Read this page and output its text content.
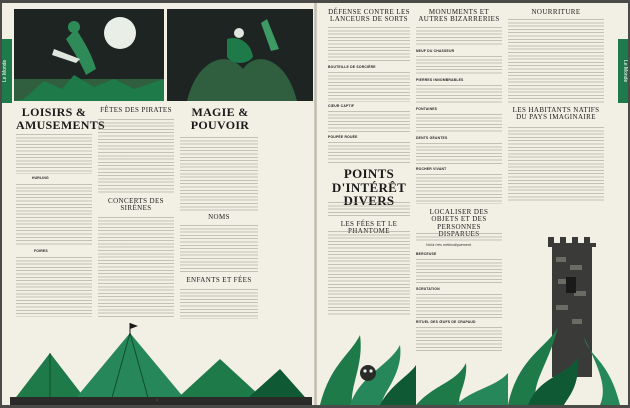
Le Monde
LOISIRS & AMUSEMENTS
HURLING
FOIRES
FÊTES DES PIRATES
CONCERTS DES SIRÈNES
MAGIE & POUVOIR
NOMS
ENFANTS ET FÉES
6
Le Monde
DÉFENSE CONTRE LES LANCEURS DE SORTS
BOUTEILLE DE SORCIÈRE
CŒUR CAPTIF
POUPÉE ROUÉE
POINTS D'INTÉRÊT DIVERS
LES FÉES ET LE PHANTOME
MONUMENTS ET AUTRES BIZARRERIES
NEUF DU CHASSEUR
PIERRES INNOMBRABLES
FONTAINES
DENTS GÉANTES
ROCHER VIVANT
LOCALISER DES OBJETS ET DES PERSONNES DISPARUES
Voilà très méthodiquement
BERCEUSE
SCRUTATION
RITUEL DES ŒUFS DE CRAPAUD
NOURRITURE
LES HABITANTS NATIFS DU PAYS IMAGINAIRE
7
